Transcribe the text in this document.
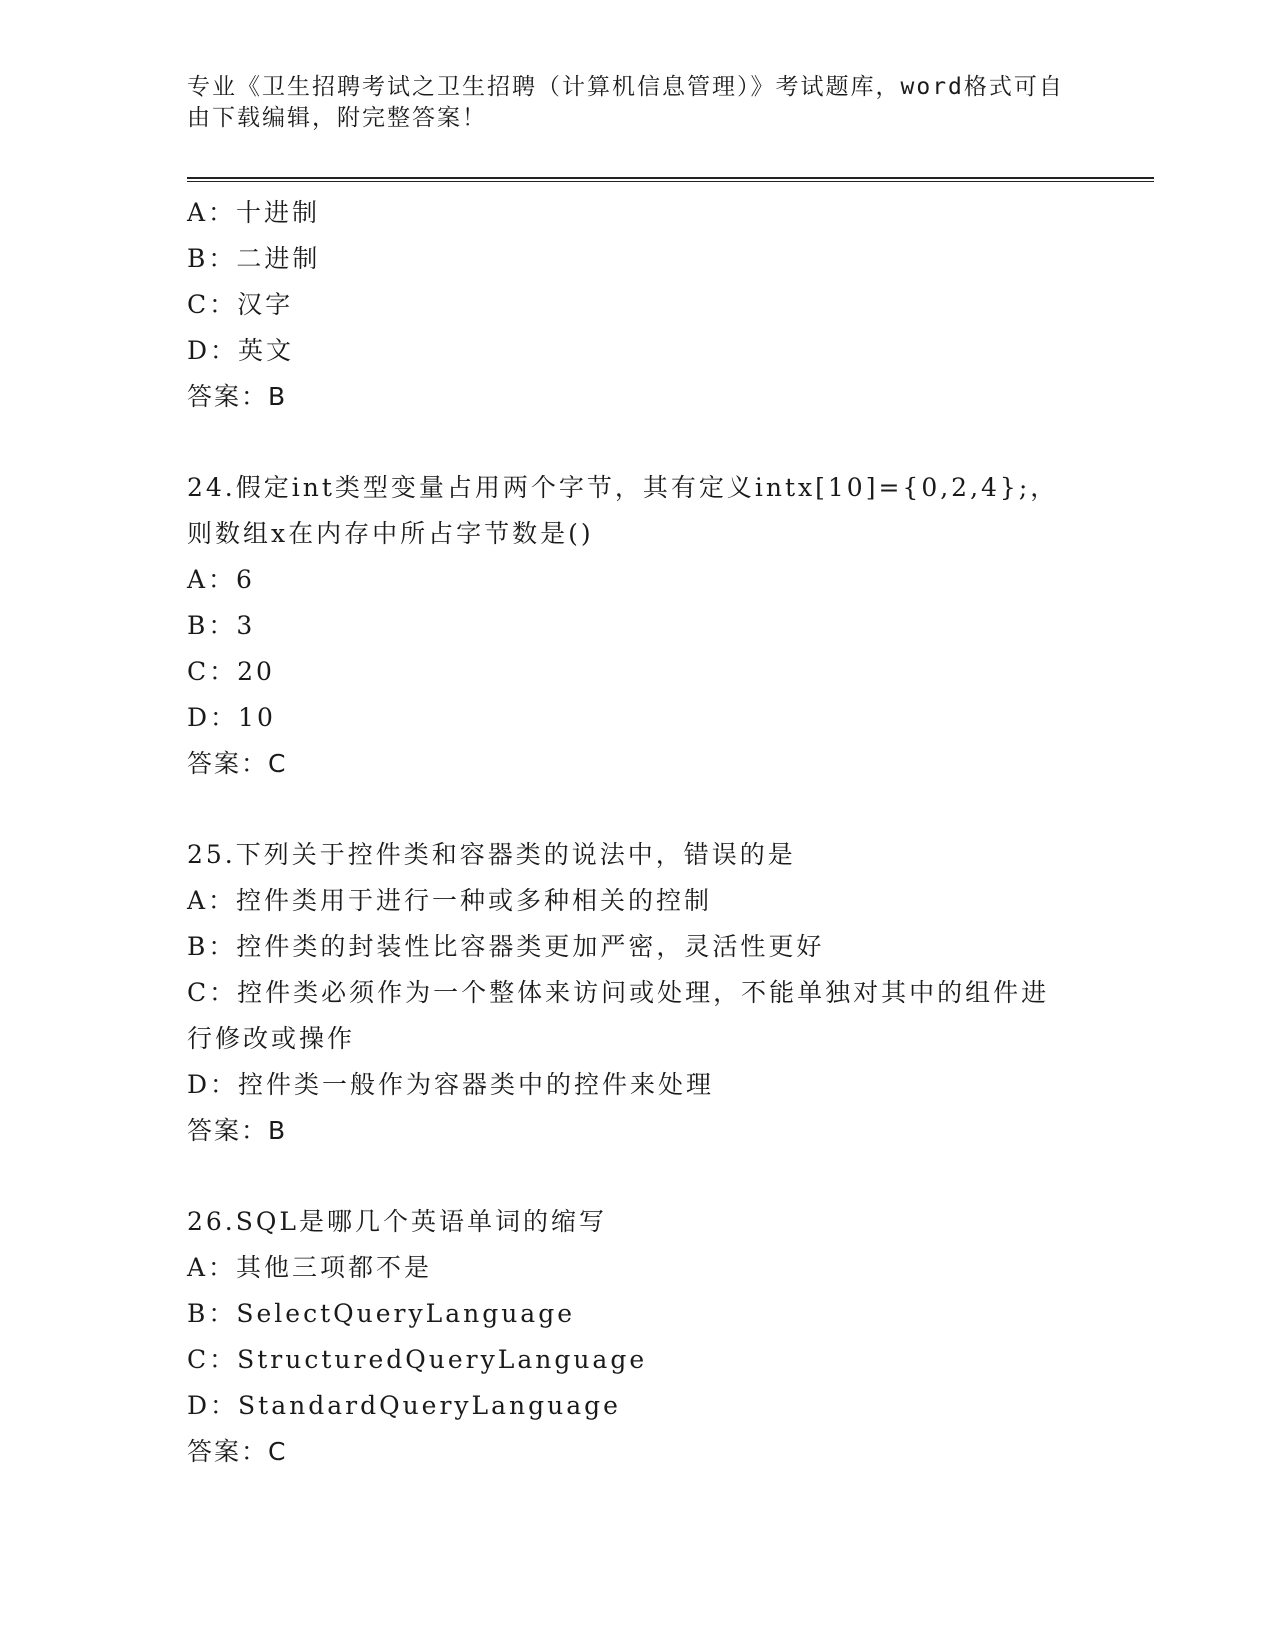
专业《卫生招聘考试之卫生招聘（计算机信息管理）》考试题库，word格式可自

由下载编辑，附完整答案！

A：十进制

B：二进制

C：汉字

D：英文

答案：B

24.假定int类型变量占用两个字节，其有定义intx[10]={0,2,4};，

则数组x在内存中所占字节数是()

A：6

B：3

C：20

D：10

答案：C

25.下列关于控件类和容器类的说法中，错误的是

A：控件类用于进行一种或多种相关的控制

B：控件类的封装性比容器类更加严密，灵活性更好

C：控件类必须作为一个整体来访问或处理，不能单独对其中的组件进

行修改或操作

D：控件类一般作为容器类中的控件来处理

答案：B

26.SQL是哪几个英语单词的缩写

A：其他三项都不是

B：SelectQueryLanguage

C：StructuredQueryLanguage

D：StandardQueryLanguage

答案：C
